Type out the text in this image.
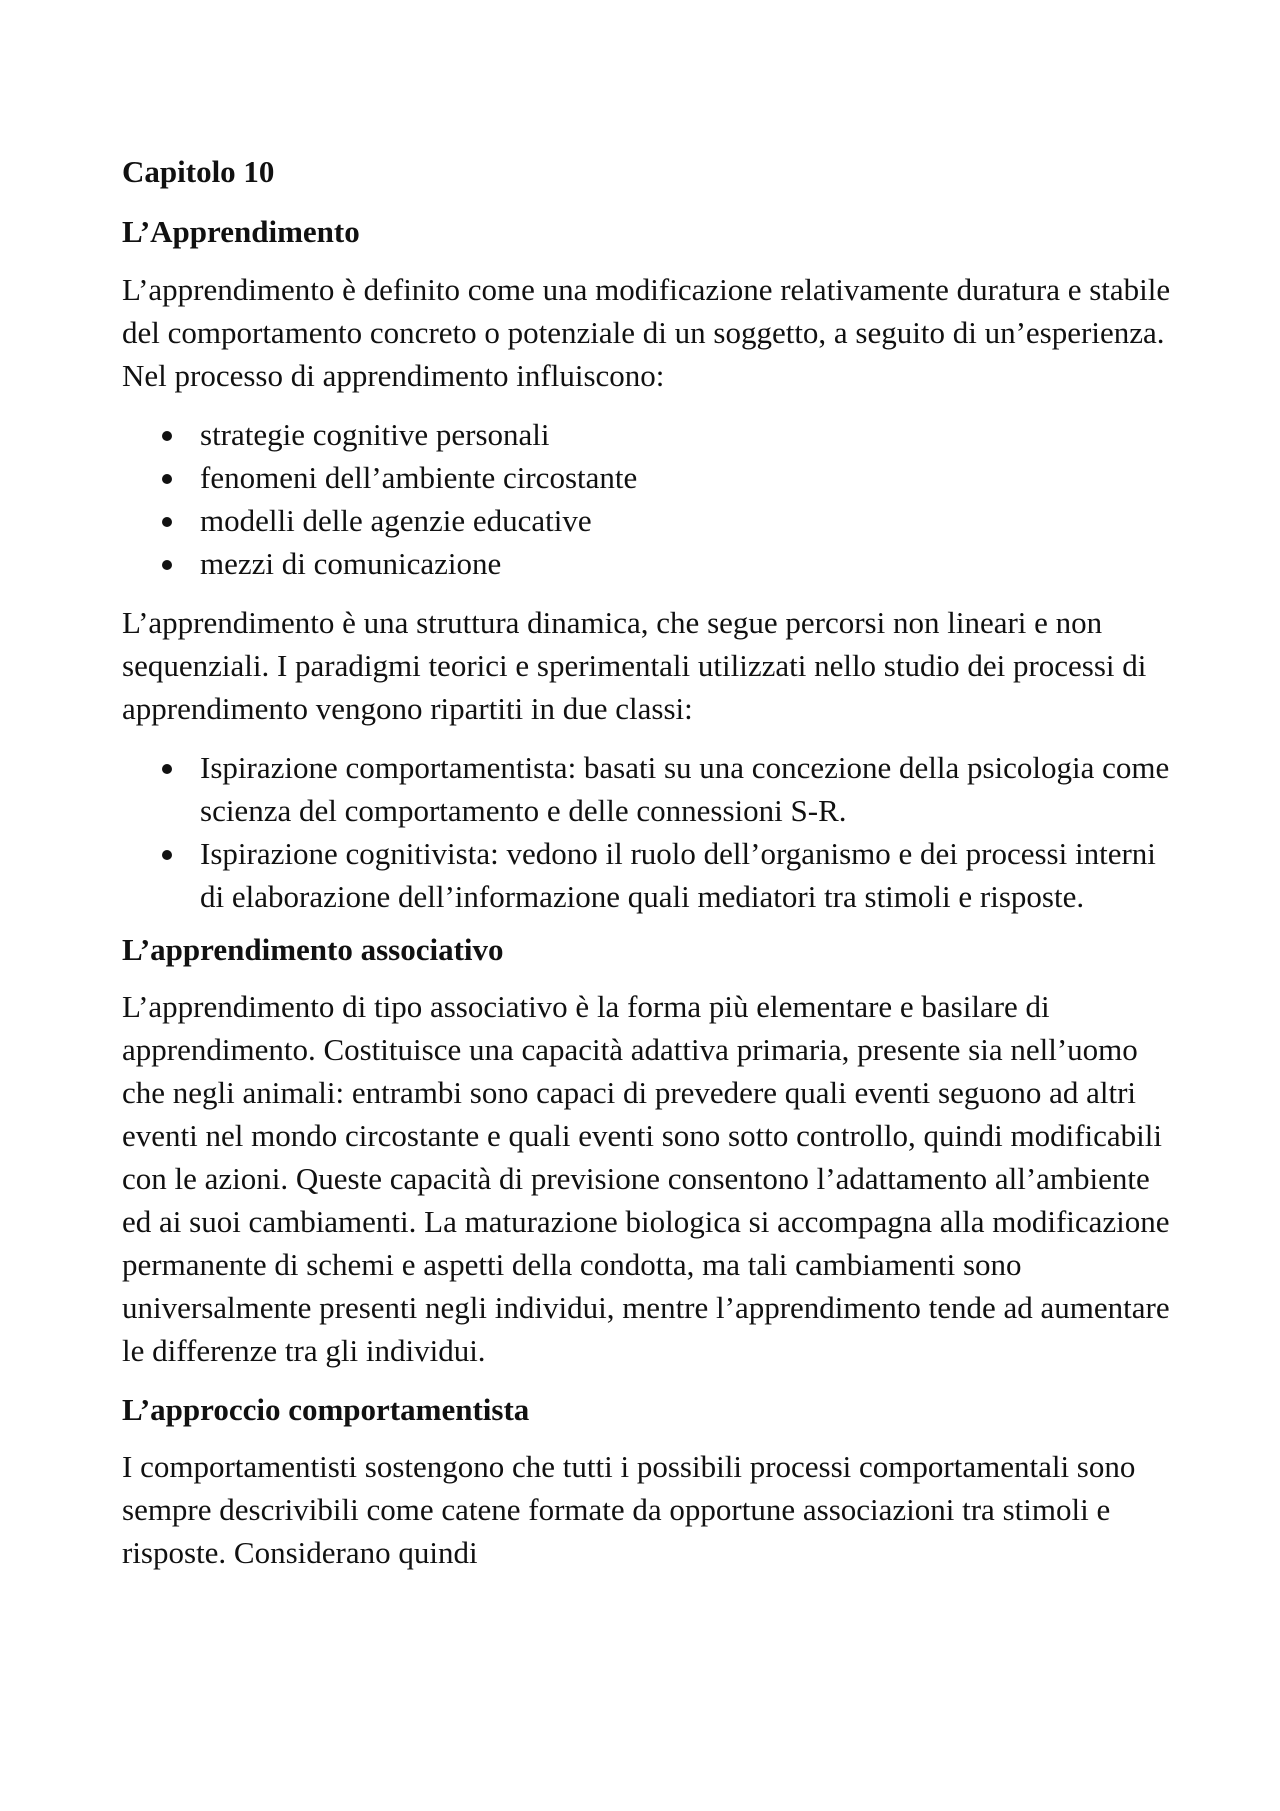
Capitolo 10
L’Apprendimento

L’apprendimento è definito come una modificazione relativamente duratura e stabile del comportamento concreto o potenziale di un soggetto, a seguito di un’esperienza. Nel processo di apprendimento influiscono:

strategie cognitive personali
fenomeni dell’ambiente circostante
modelli delle agenzie educative
mezzi di comunicazione

L’apprendimento è una struttura dinamica, che segue percorsi non lineari e non sequenziali. I paradigmi teorici e sperimentali utilizzati nello studio dei processi di apprendimento vengono ripartiti in due classi:

Ispirazione comportamentista: basati su una concezione della psicologia come scienza del comportamento e delle connessioni S-R.
Ispirazione cognitivista: vedono il ruolo dell’organismo e dei processi interni di elaborazione dell’informazione quali mediatori tra stimoli e risposte.
L’apprendimento associativo

L’apprendimento di tipo associativo è la forma più elementare e basilare di apprendimento. Costituisce una capacità adattiva primaria, presente sia nell’uomo che negli animali: entrambi sono capaci di prevedere quali eventi seguono ad altri eventi nel mondo circostante e quali eventi sono sotto controllo, quindi modificabili con le azioni. Queste capacità di previsione consentono l’adattamento all’ambiente ed ai suoi cambiamenti. La maturazione biologica si accompagna alla modificazione permanente di schemi e aspetti della condotta, ma tali cambiamenti sono universalmente presenti negli individui, mentre l’apprendimento tende ad aumentare le differenze tra gli individui.

L’approccio comportamentista

I comportamentisti sostengono che tutti i possibili processi comportamentali sono sempre descrivibili come catene formate da opportune associazioni tra stimoli e risposte. Considerano quindi
